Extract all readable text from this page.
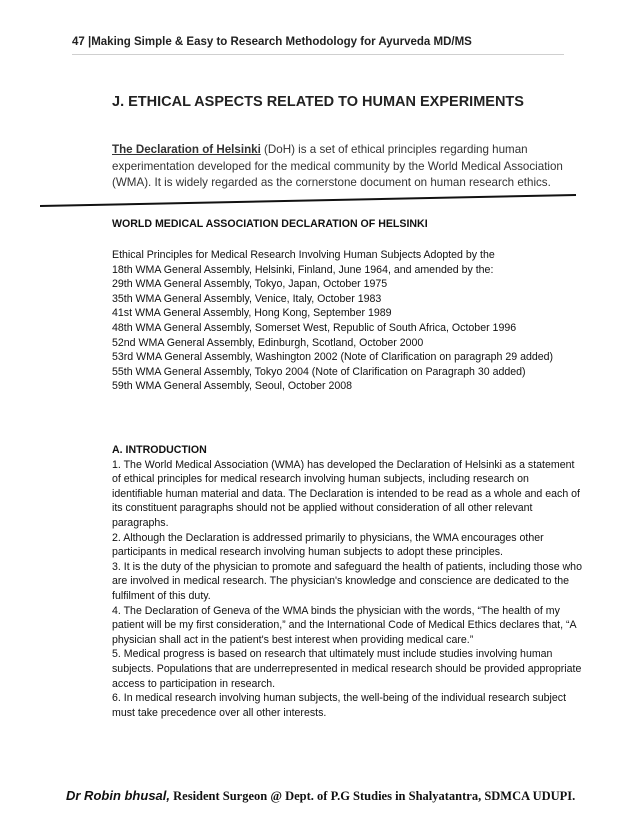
47 |Making Simple & Easy to Research Methodology for Ayurveda MD/MS
J. ETHICAL ASPECTS RELATED TO HUMAN EXPERIMENTS
The Declaration of Helsinki (DoH) is a set of ethical principles regarding human experimentation developed for the medical community by the World Medical Association (WMA). It is widely regarded as the cornerstone document on human research ethics.
WORLD MEDICAL ASSOCIATION DECLARATION OF HELSINKI
Ethical Principles for Medical Research Involving Human Subjects Adopted by the
18th WMA General Assembly, Helsinki, Finland, June 1964, and amended by the:
29th WMA General Assembly, Tokyo, Japan, October 1975
35th WMA General Assembly, Venice, Italy, October 1983
41st WMA General Assembly, Hong Kong, September 1989
48th WMA General Assembly, Somerset West, Republic of South Africa, October 1996
52nd WMA General Assembly, Edinburgh, Scotland, October 2000
53rd WMA General Assembly, Washington 2002 (Note of Clarification on paragraph 29 added)
55th WMA General Assembly, Tokyo 2004 (Note of Clarification on Paragraph 30 added)
59th WMA General Assembly, Seoul, October 2008
A. INTRODUCTION
1. The World Medical Association (WMA) has developed the Declaration of Helsinki as a statement of ethical principles for medical research involving human subjects, including research on identifiable human material and data. The Declaration is intended to be read as a whole and each of its constituent paragraphs should not be applied without consideration of all other relevant paragraphs.
2. Although the Declaration is addressed primarily to physicians, the WMA encourages other participants in medical research involving human subjects to adopt these principles.
3. It is the duty of the physician to promote and safeguard the health of patients, including those who are involved in medical research. The physician's knowledge and conscience are dedicated to the fulfilment of this duty.
4. The Declaration of Geneva of the WMA binds the physician with the words, “The health of my patient will be my first consideration,” and the International Code of Medical Ethics declares that, “A physician shall act in the patient's best interest when providing medical care.”
5. Medical progress is based on research that ultimately must include studies involving human subjects. Populations that are underrepresented in medical research should be provided appropriate access to participation in research.
6. In medical research involving human subjects, the well-being of the individual research subject must take precedence over all other interests.
Dr Robin bhusal, Resident Surgeon @ Dept. of P.G Studies in Shalyatantra, SDMCA UDUPI.
